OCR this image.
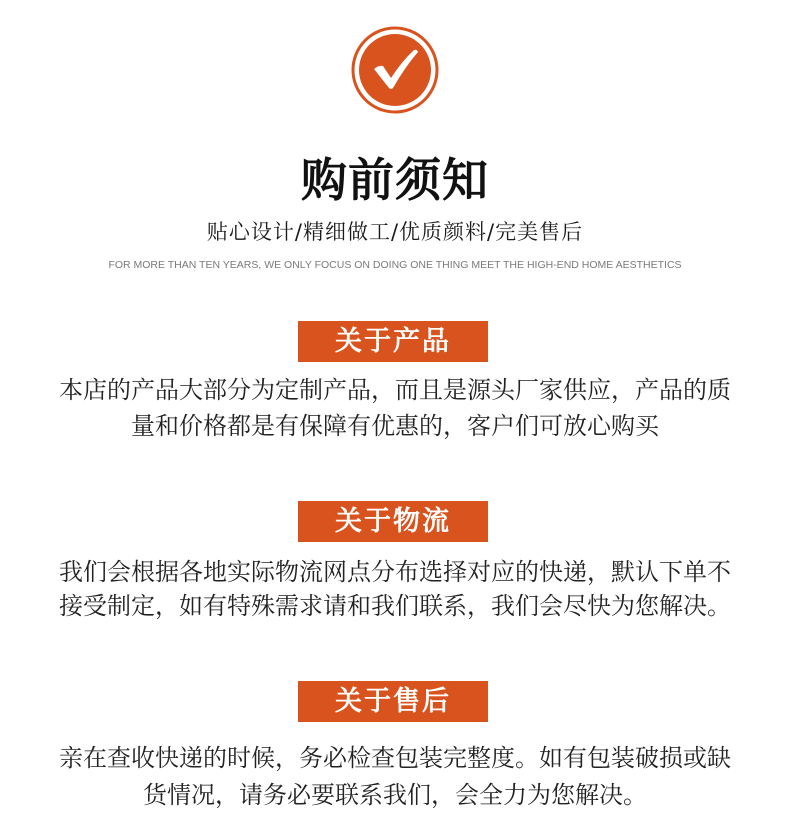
购前须知
贴心设计/精细做工/优质颜料/完美售后
FOR MORE THAN TEN YEARS, WE ONLY FOCUS ON DOING ONE THING MEET THE HIGH-END HOME AESTHETICS
关于产品
本店的产品大部分为定制产品，而且是源头厂家供应，产品的质
量和价格都是有保障有优惠的，客户们可放心购买
关于物流
我们会根据各地实际物流网点分布选择对应的快递，默认下单不
接受制定，如有特殊需求请和我们联系，我们会尽快为您解决。
关于售后
亲在查收快递的时候，务必检查包装完整度。如有包装破损或缺
货情况，请务必要联系我们，会全力为您解决。
